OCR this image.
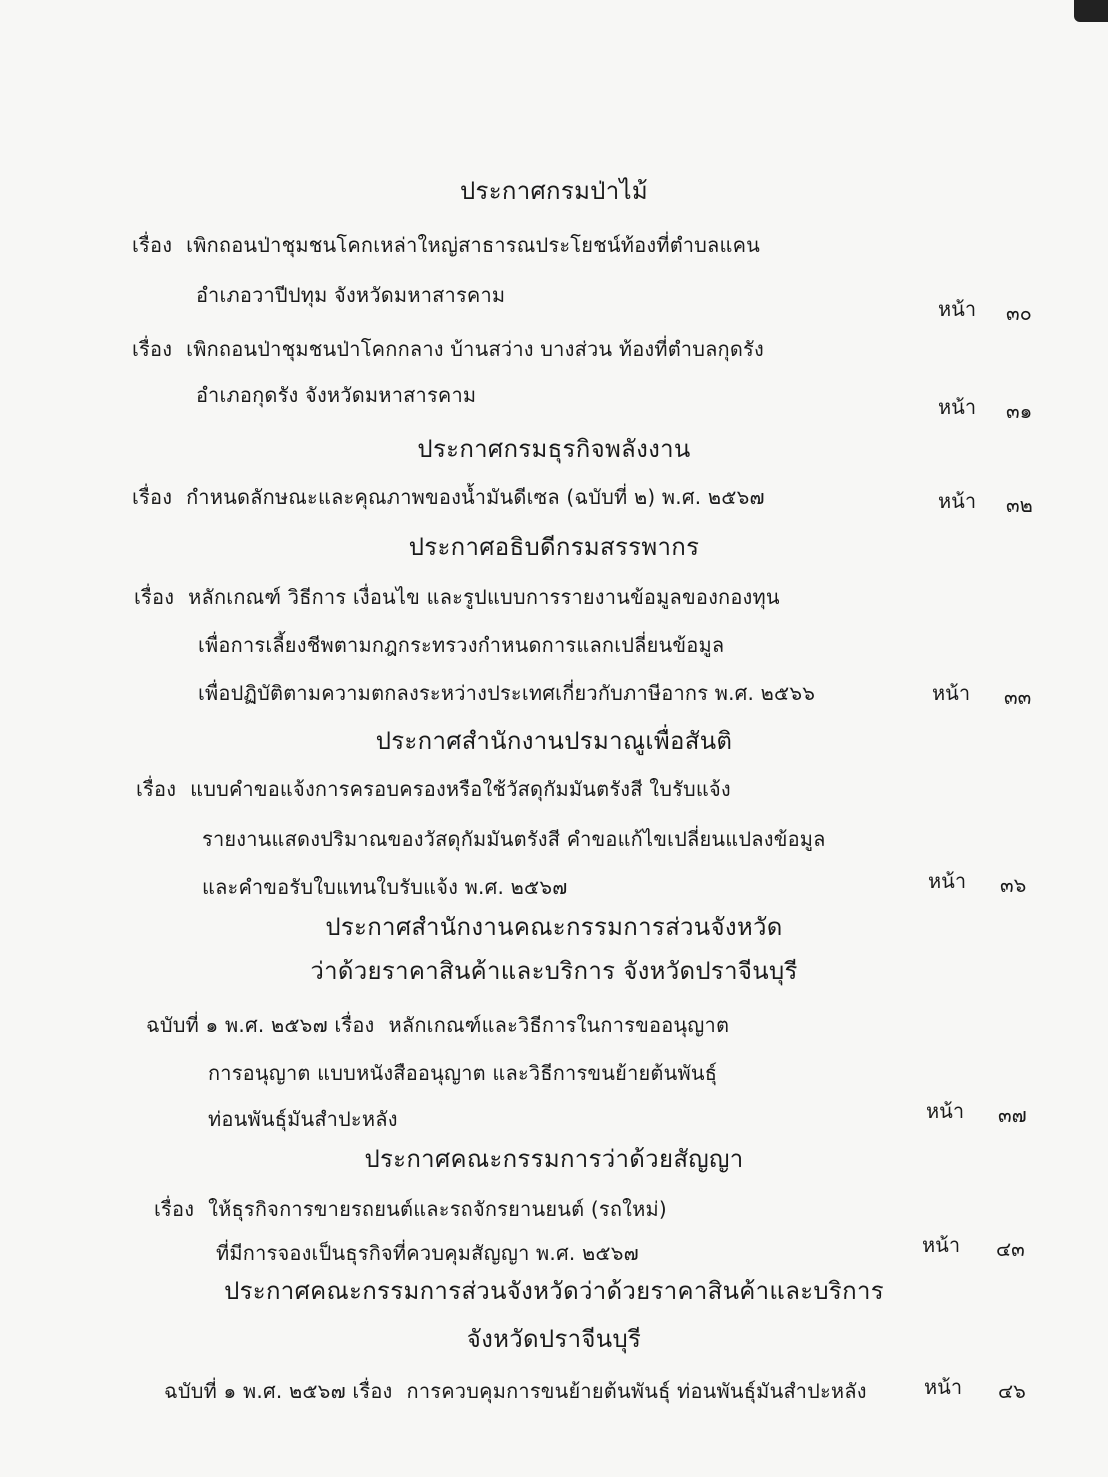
ประกาศกรมป่าไม้
เรื่อง เพิกถอนป่าชุมชนโคกเหล่าใหญ่สาธารณประโยชน์ท้องที่ตำบลแคน
อำเภอวาปีปทุม จังหวัดมหาสารคาม
หน้า ๓๐
เรื่อง เพิกถอนป่าชุมชนป่าโคกกลาง บ้านสว่าง บางส่วน ท้องที่ตำบลกุดรัง
อำเภอกุดรัง จังหวัดมหาสารคาม	หน้า ๓๑
ประกาศกรมธุรกิจพลังงาน
เรื่อง กำหนดลักษณะและคุณภาพของน้ำมันดีเซล (ฉบับที่ ๒) พ.ศ. ๒๕๖๗	หน้า ๓๒
ประกาศอธิบดีกรมสรรพากร
เรื่อง หลักเกณฑ์ วิธีการ เงื่อนไข และรูปแบบการรายงานข้อมูลของกองทุน
เพื่อการเลี้ยงชีพตามกฎกระทรวงกำหนดการแลกเปลี่ยนข้อมูล
เพื่อปฏิบัติตามความตกลงระหว่างประเทศเกี่ยวกับภาษีอากร พ.ศ. ๒๕๖๖	หน้า ๓๓
ประกาศสำนักงานปรมาณูเพื่อสันติ
เรื่อง แบบคำขอแจ้งการครอบครองหรือใช้วัสดุกัมมันตรังสี ใบรับแจ้ง
รายงานแสดงปริมาณของวัสดุกัมมันตรังสี คำขอแก้ไขเปลี่ยนแปลงข้อมูล
และคำขอรับใบแทนใบรับแจ้ง พ.ศ. ๒๕๖๗	หน้า ๓๖
ประกาศสำนักงานคณะกรรมการส่วนจังหวัด
ว่าด้วยราคาสินค้าและบริการ จังหวัดปราจีนบุรี
ฉบับที่ ๑ พ.ศ. ๒๕๖๗ เรื่อง หลักเกณฑ์และวิธีการในการขออนุญาต
การอนุญาต แบบหนังสืออนุญาต และวิธีการขนย้ายต้นพันธุ์
ท่อนพันธุ์มันสำปะหลัง	หน้า ๓๗
ประกาศคณะกรรมการว่าด้วยสัญญา
เรื่อง ให้ธุรกิจการขายรถยนต์และรถจักรยานยนต์ (รถใหม่)
ที่มีการจองเป็นธุรกิจที่ควบคุมสัญญา พ.ศ. ๒๕๖๗	หน้า ๔๓
ประกาศคณะกรรมการส่วนจังหวัดว่าด้วยราคาสินค้าและบริการ
จังหวัดปราจีนบุรี
ฉบับที่ ๑ พ.ศ. ๒๕๖๗ เรื่อง การควบคุมการขนย้ายต้นพันธุ์ ท่อนพันธุ์มันสำปะหลัง	หน้า ๔๖
